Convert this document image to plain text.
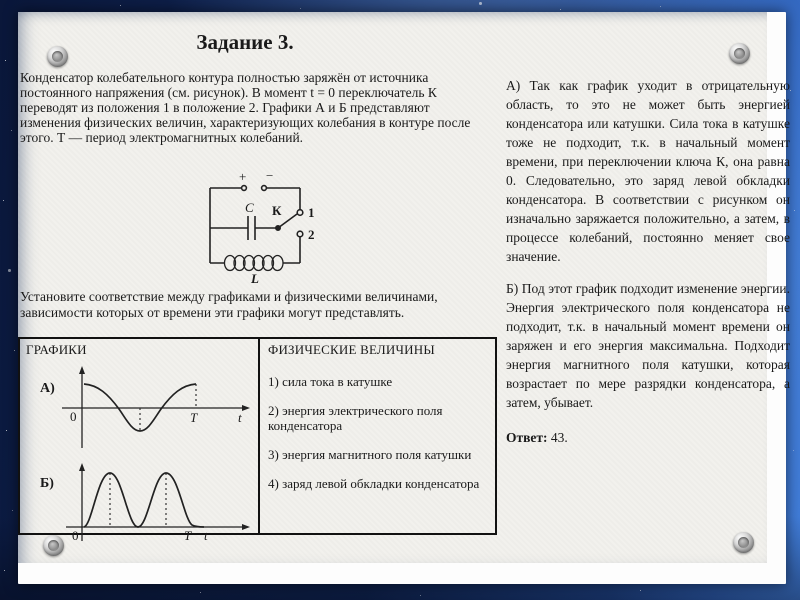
Задание 3.
Конденсатор колебательного контура полностью заряжён от источника постоянного напряжения (см. рисунок). В момент t = 0 переключатель К переводят из положения 1 в положение 2. Графики А и Б представляют изменения физических величин, характеризующих колебания в контуре после этого. Т — период электромагнитных колебаний.
+ −
C К 1
2
L
Установите соответствие между графиками и физическими величинами, зависимости которых от времени эти графики могут представлять.
ГРАФИКИ
А)
0	T	t

Б)
0	T t
ФИЗИЧЕСКИЕ ВЕЛИЧИНЫ
1) сила тока в катушке
2) энергия электрического поля конденсатора
3) энергия магнитного поля катушки
4) заряд левой обкладки конденсатора

А) Так как график уходит в отрицательную область, то это не может быть энергией конденсатора или катушки. Сила тока в катушке тоже не подходит, т.к. в начальный момент времени, при переключении ключа К, она равна 0. Следовательно, это заряд левой обкладки конденсатора. В соответствии с рисунком он изначально заряжается положительно, а затем, в процессе колебаний, постоянно меняет свое значение.

Б) Под этот график подходит изменение энергии. Энергия электрического поля конденсатора не подходит, т.к. в начальный момент времени он заряжен и его энергия максимальна. Подходит энергия магнитного поля катушки, которая возрастает по мере разрядки конденсатора, а затем, убывает.

Ответ: 43.
